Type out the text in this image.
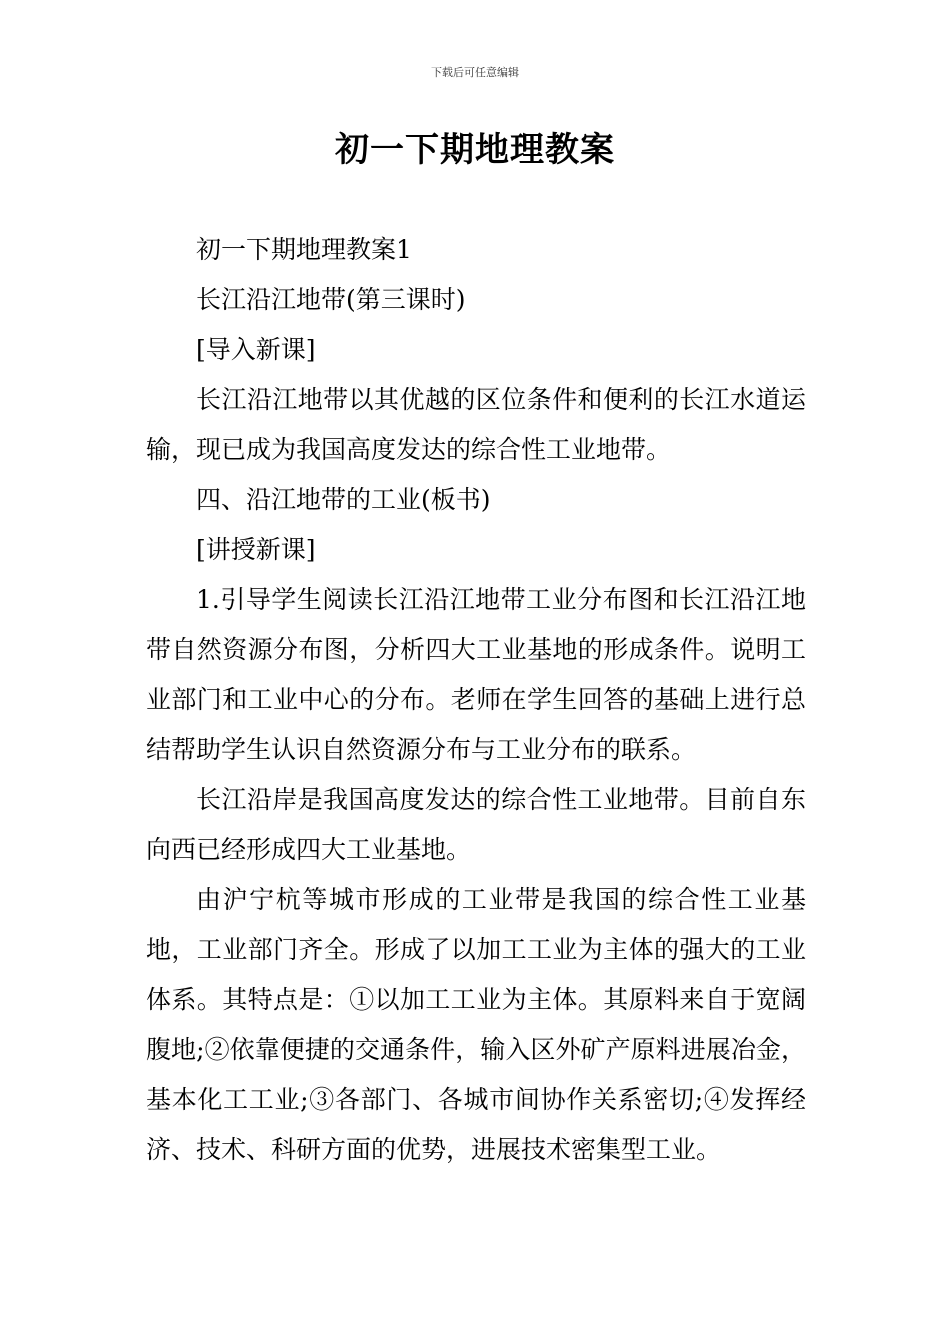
下载后可任意编辑
初一下期地理教案

初一下期地理教案1

长江沿江地带(第三课时)

[导入新课]

长江沿江地带以其优越的区位条件和便利的长江水道运输，现已成为我国高度发达的综合性工业地带。

四、沿江地带的工业(板书)

[讲授新课]

1.引导学生阅读长江沿江地带工业分布图和长江沿江地带自然资源分布图，分析四大工业基地的形成条件。说明工业部门和工业中心的分布。老师在学生回答的基础上进行总结帮助学生认识自然资源分布与工业分布的联系。

长江沿岸是我国高度发达的综合性工业地带。目前自东向西已经形成四大工业基地。

由沪宁杭等城市形成的工业带是我国的综合性工业基地，工业部门齐全。形成了以加工工业为主体的强大的工业体系。其特点是：①以加工工业为主体。其原料来自于宽阔腹地;②依靠便捷的交通条件，输入区外矿产原料进展冶金，基本化工工业;③各部门、各城市间协作关系密切;④发挥经济、技术、科研方面的优势，进展技术密集型工业。
